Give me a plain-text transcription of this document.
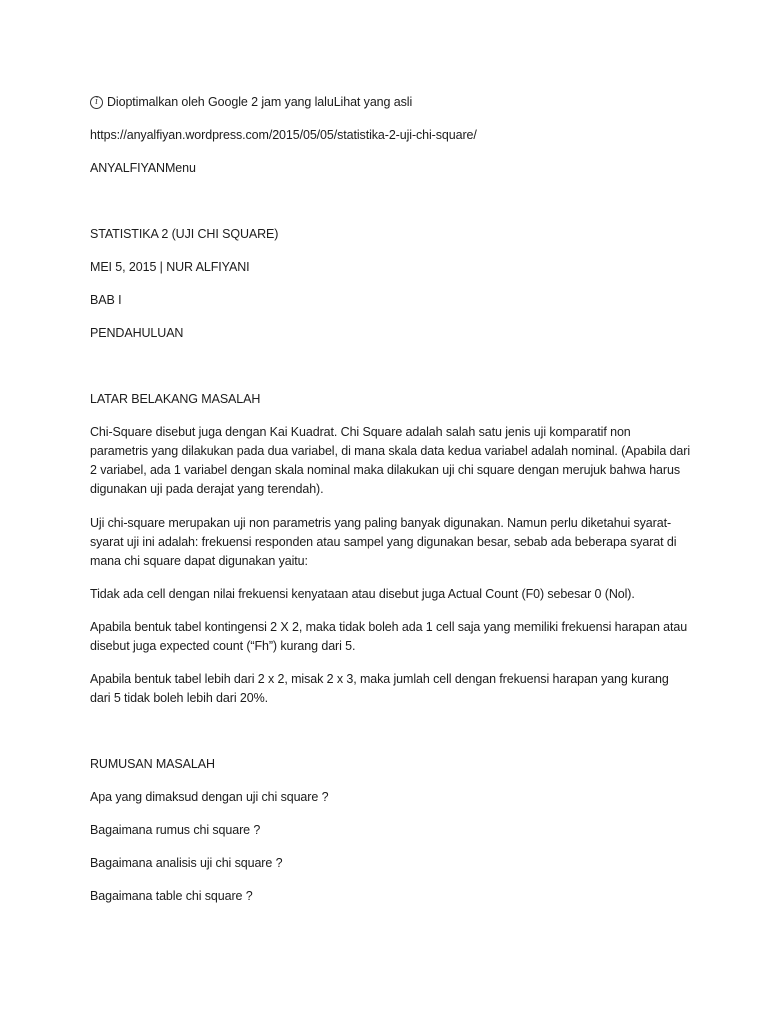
i Dioptimalkan oleh Google 2 jam yang lalu Lihat yang asli

https://anyalfiyan.wordpress.com/2015/05/05/statistika-2-uji-chi-square/

ANYALFIYANMenu

STATISTIKA 2 (UJI CHI SQUARE)

MEI 5, 2015 | NUR ALFIYANI

BAB I

PENDAHULUAN

LATAR BELAKANG MASALAH

Chi-Square disebut juga dengan Kai Kuadrat. Chi Square adalah salah satu jenis uji komparatif non parametris yang dilakukan pada dua variabel, di mana skala data kedua variabel adalah nominal. (Apabila dari 2 variabel, ada 1 variabel dengan skala nominal maka dilakukan uji chi square dengan merujuk bahwa harus digunakan uji pada derajat yang terendah).

Uji chi-square merupakan uji non parametris yang paling banyak digunakan. Namun perlu diketahui syarat-syarat uji ini adalah: frekuensi responden atau sampel yang digunakan besar, sebab ada beberapa syarat di mana chi square dapat digunakan yaitu:

Tidak ada cell dengan nilai frekuensi kenyataan atau disebut juga Actual Count (F0) sebesar 0 (Nol).

Apabila bentuk tabel kontingensi 2 X 2, maka tidak boleh ada 1 cell saja yang memiliki frekuensi harapan atau disebut juga expected count (“Fh”) kurang dari 5.

Apabila bentuk tabel lebih dari 2 x 2, misak 2 x 3, maka jumlah cell dengan frekuensi harapan yang kurang dari 5 tidak boleh lebih dari 20%.

RUMUSAN MASALAH

Apa yang dimaksud dengan uji chi square ?

Bagaimana rumus chi square ?

Bagaimana analisis uji chi square ?

Bagaimana table chi square ?
